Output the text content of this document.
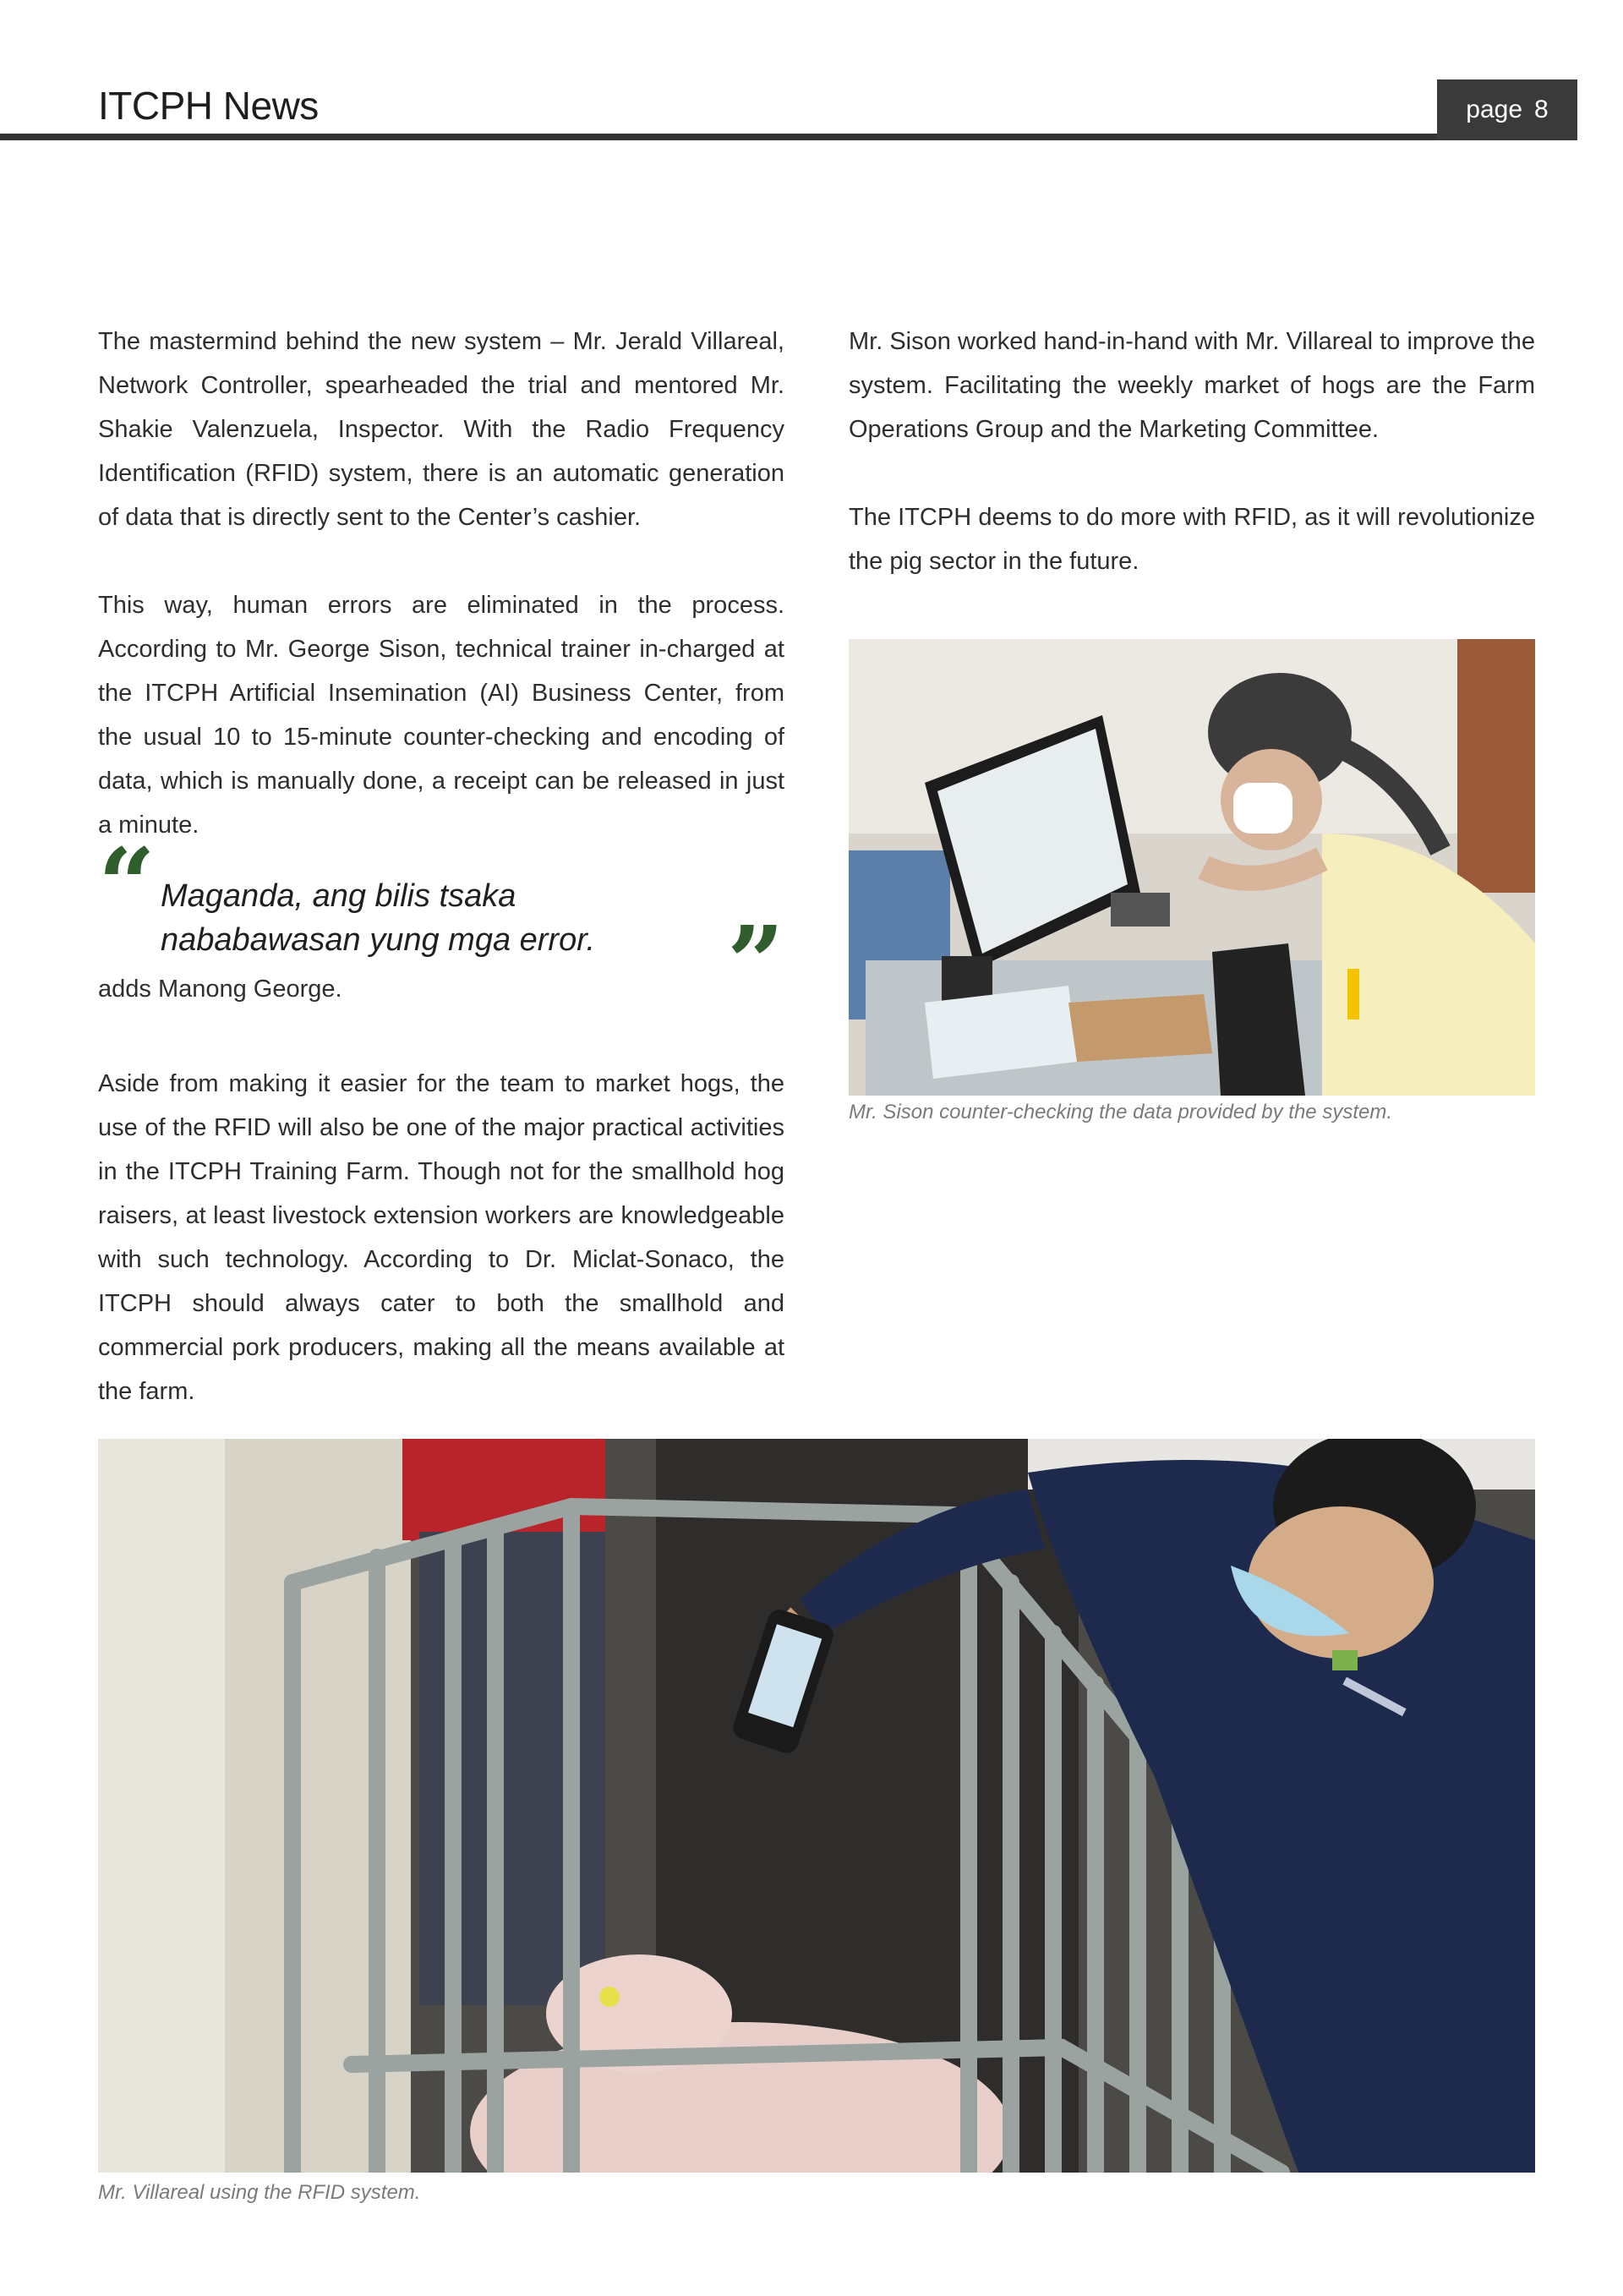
ITCPH News	page 8

The mastermind behind the new system – Mr. Jerald Villareal, Network Controller, spearheaded the trial and mentored Mr. Shakie Valenzuela, Inspector. With the Radio Frequency Identification (RFID) system, there is an automatic generation of data that is directly sent to the Center’s cashier.

This way, human errors are eliminated in the process. According to Mr. George Sison, technical trainer in-charged at the ITCPH Artificial Insemination (AI) Business Center, from the usual 10 to 15-minute counter-checking and encoding of data, which is manually done, a receipt can be released in just a minute.

“ Maganda, ang bilis tsaka nababawasan yung mga error.	”
adds Manong George.

Aside from making it easier for the team to market hogs, the use of the RFID will also be one of the major practical activities in the ITCPH Training Farm. Though not for the smallhold hog raisers, at least livestock extension workers are knowledgeable with such technology. According to Dr. Miclat-Sonaco, the ITCPH should always cater to both the smallhold and commercial pork producers, making all the means available at the farm.

Mr. Sison worked hand-in-hand with Mr. Villareal to improve the system. Facilitating the weekly market of hogs are the Farm Operations Group and the Marketing Committee.

The ITCPH deems to do more with RFID, as it will revolutionize the pig sector in the future.

Mr. Sison counter-checking the data provided by the system.
Mr. Villareal using the RFID system.
